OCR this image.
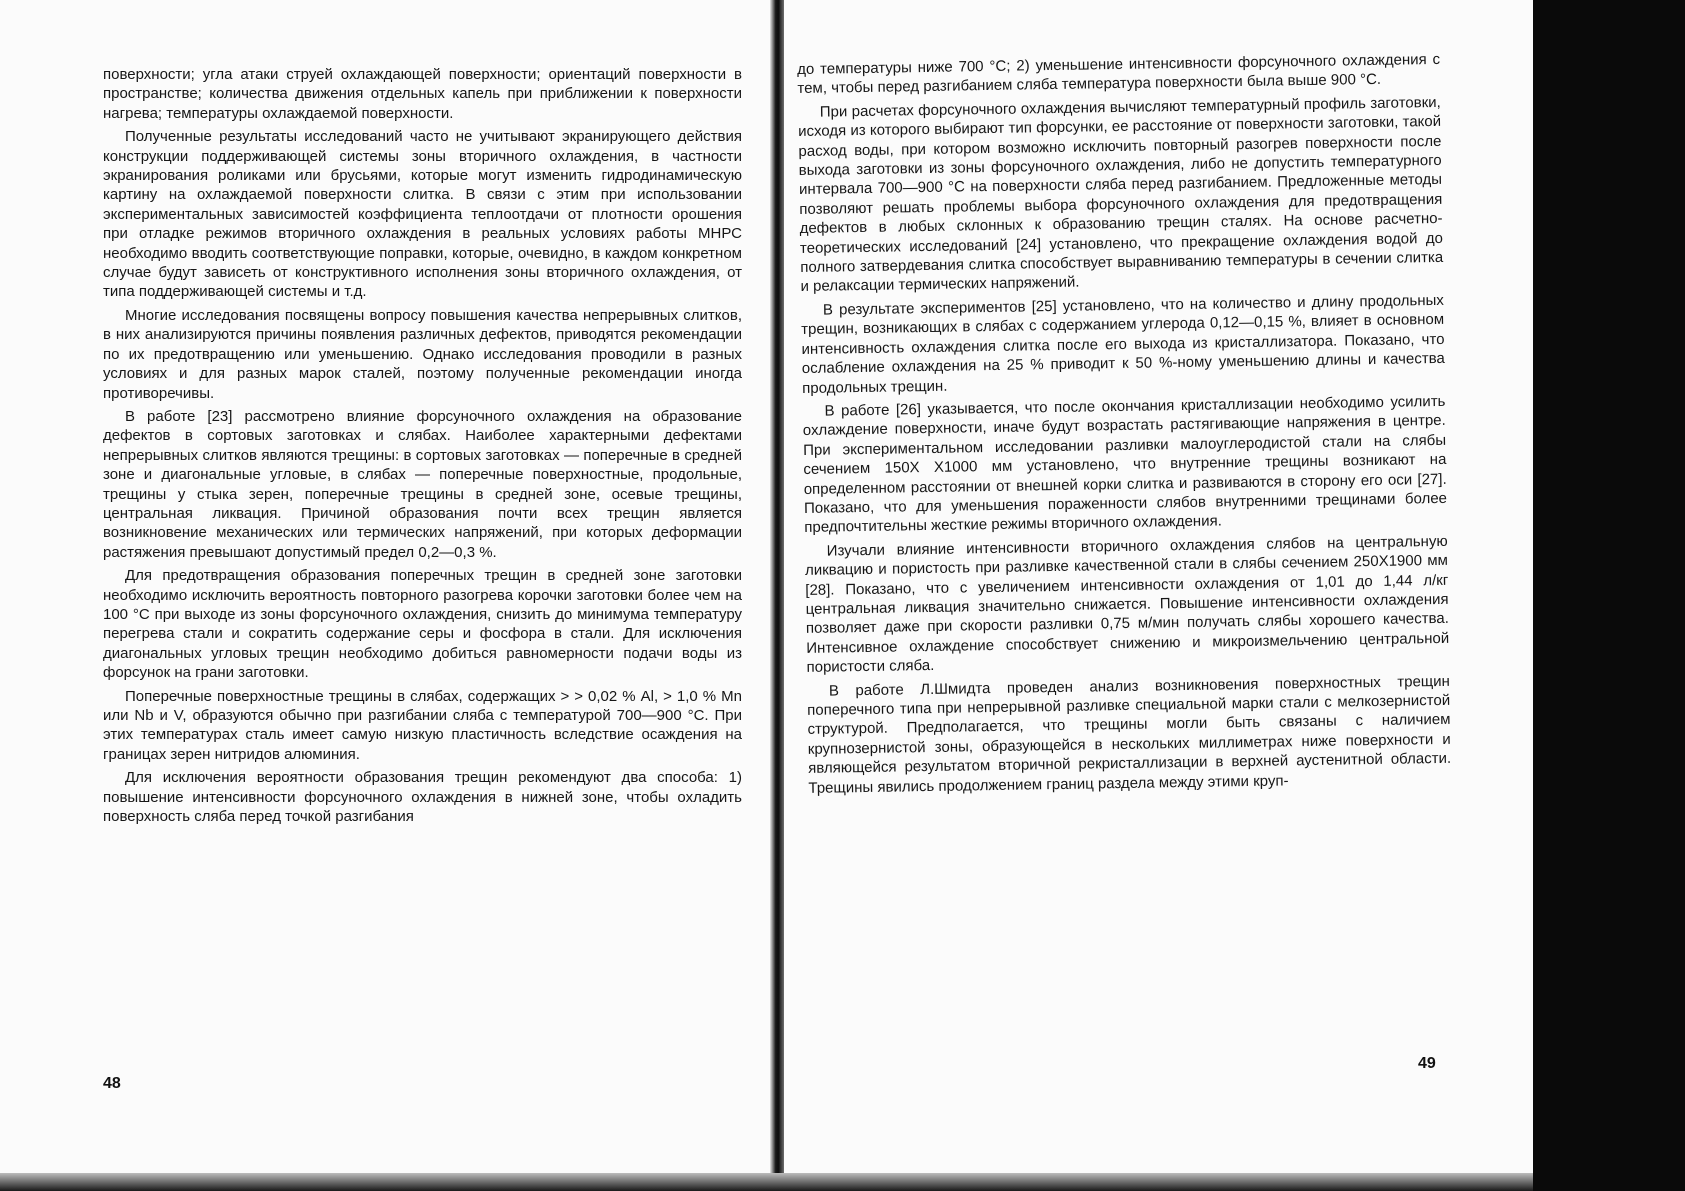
поверхности; угла атаки струей охлаждающей поверхности; ориентаций поверхности в пространстве; количества движения отдельных капель при приближении к поверхности нагрева; температуры охлаждаемой поверхности.

Полученные результаты исследований часто не учитывают экранирующего действия конструкции поддерживающей системы зоны вторичного охлаждения, в частности экранирования роликами или брусьями, которые могут изменить гидродинамическую картину на охлаждаемой поверхности слитка. В связи с этим при использовании экспериментальных зависимостей коэффициента теплоотдачи от плотности орошения при отладке режимов вторичного охлаждения в реальных условиях работы МНРС необходимо вводить соответствующие поправки, которые, очевидно, в каждом конкретном случае будут зависеть от конструктивного исполнения зоны вторичного охлаждения, от типа поддерживающей системы и т.д.

Многие исследования посвящены вопросу повышения качества непрерывных слитков, в них анализируются причины появления различных дефектов, приводятся рекомендации по их предотвращению или уменьшению. Однако исследования проводили в разных условиях и для разных марок сталей, поэтому полученные рекомендации иногда противоречивы.

В работе [23] рассмотрено влияние форсуночного охлаждения на образование дефектов в сортовых заготовках и слябах. Наиболее характерными дефектами непрерывных слитков являются трещины: в сортовых заготовках — поперечные в средней зоне и диагональные угловые, в слябах — поперечные поверхностные, продольные, трещины у стыка зерен, поперечные трещины в средней зоне, осевые трещины, центральная ликвация. Причиной образования почти всех трещин является возникновение механических или термических напряжений, при которых деформации растяжения превышают допустимый предел 0,2—0,3 %.

Для предотвращения образования поперечных трещин в средней зоне заготовки необходимо исключить вероятность повторного разогрева корочки заготовки более чем на 100 °С при выходе из зоны форсуночного охлаждения, снизить до минимума температуру перегрева стали и сократить содержание серы и фосфора в стали. Для исключения диагональных угловых трещин необходимо добиться равномерности подачи воды из форсунок на грани заготовки.

Поперечные поверхностные трещины в слябах, содержащих > > 0,02 % Al, > 1,0 % Mn или Nb и V, образуются обычно при разгибании сляба с температурой 700—900 °С. При этих температурах сталь имеет самую низкую пластичность вследствие осаждения на границах зерен нитридов алюминия.

Для исключения вероятности образования трещин рекомендуют два способа: 1) повышение интенсивности форсуночного охлаждения в нижней зоне, чтобы охладить поверхность сляба перед точкой разгибания

48

до температуры ниже 700 °С; 2) уменьшение интенсивности форсуночного охлаждения с тем, чтобы перед разгибанием сляба температура поверхности была выше 900 °С.

При расчетах форсуночного охлаждения вычисляют температурный профиль заготовки, исходя из которого выбирают тип форсунки, ее расстояние от поверхности заготовки, такой расход воды, при котором возможно исключить повторный разогрев поверхности после выхода заготовки из зоны форсуночного охлаждения, либо не допустить температурного интервала 700—900 °С на поверхности сляба перед разгибанием. Предложенные методы позволяют решать проблемы выбора форсуночного охлаждения для предотвращения дефектов в любых склонных к образованию трещин сталях. На основе расчетно-теоретических исследований [24] установлено, что прекращение охлаждения водой до полного затвердевания слитка способствует выравниванию температуры в сечении слитка и релаксации термических напряжений.

В результате экспериментов [25] установлено, что на количество и длину продольных трещин, возникающих в слябах с содержанием углерода 0,12—0,15 %, влияет в основном интенсивность охлаждения слитка после его выхода из кристаллизатора. Показано, что ослабление охлаждения на 25 % приводит к 50 %-ному уменьшению длины и качества продольных трещин.

В работе [26] указывается, что после окончания кристаллизации необходимо усилить охлаждение поверхности, иначе будут возрастать растягивающие напряжения в центре. При экспериментальном исследовании разливки малоуглеродистой стали на слябы сечением 150X X1000 мм установлено, что внутренние трещины возникают на определенном расстоянии от внешней корки слитка и развиваются в сторону его оси [27]. Показано, что для уменьшения пораженности слябов внутренними трещинами более предпочтительны жесткие режимы вторичного охлаждения.

Изучали влияние интенсивности вторичного охлаждения слябов на центральную ликвацию и пористость при разливке качественной стали в слябы сечением 250X1900 мм [28]. Показано, что с увеличением интенсивности охлаждения от 1,01 до 1,44 л/кг центральная ликвация значительно снижается. Повышение интенсивности охлаждения позволяет даже при скорости разливки 0,75 м/мин получать слябы хорошего качества. Интенсивное охлаждение способствует снижению и микроизмельчению центральной пористости сляба.

В работе Л.Шмидта проведен анализ возникновения поверхностных трещин поперечного типа при непрерывной разливке специальной марки стали с мелкозернистой структурой. Предполагается, что трещины могли быть связаны с наличием крупнозернистой зоны, образующейся в нескольких миллиметрах ниже поверхности и являющейся результатом вторичной рекристаллизации в верхней аустенитной области. Трещины явились продолжением границ раздела между этими круп-

49
